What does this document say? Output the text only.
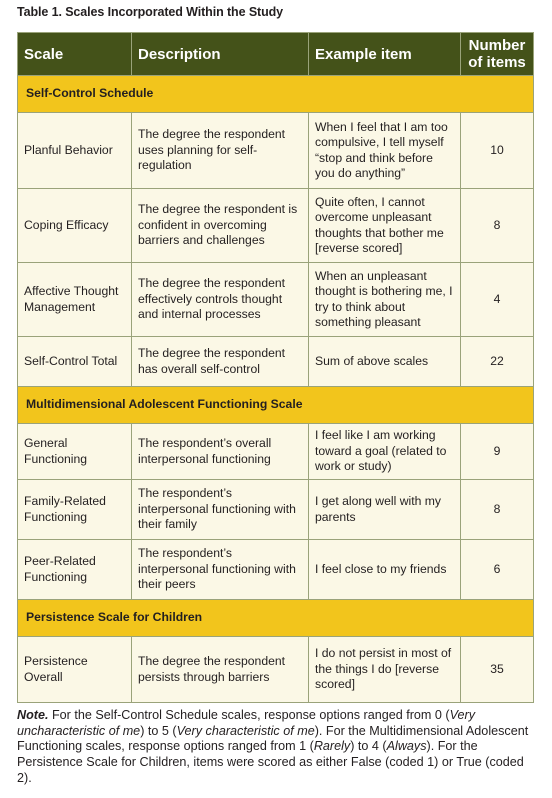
Table 1. Scales Incorporated Within the Study
Scale	Description	Example item	Number
of items
Self-Control Schedule			
Planful Behavior	The degree the respondent uses planning for self-regulation	When I feel that I am too compulsive, I tell myself “stop and think before you do anything”	10
Coping Efficacy	The degree the respondent is confident in overcoming barriers and challenges	Quite often, I cannot overcome unpleasant thoughts that bother me [reverse scored]	8
Affective Thought Management	The degree the respondent effectively controls thought and internal processes	When an unpleasant thought is bothering me, I try to think about something pleasant	4
Self-Control Total	The degree the respondent has overall self-control	Sum of above scales	22
Multidimensional Adolescent Functioning Scale			
General Functioning	The respondent’s overall interpersonal functioning	I feel like I am working toward a goal (related to work or study)	9
Family-Related Functioning	The respondent’s interpersonal functioning with their family	I get along well with my parents	8
Peer-Related Functioning	The respondent’s interpersonal functioning with their peers	I feel close to my friends	6
Persistence Scale for Children			
Persistence Overall	The degree the respondent persists through barriers	I do not persist in most of the things I do [reverse scored]	35
Note. For the Self-Control Schedule scales, response options ranged from 0 (Very uncharacteristic of me) to 5 (Very characteristic of me). For the Multidimensional Adolescent Functioning scales, response options ranged from 1 (Rarely) to 4 (Always). For the Persistence Scale for Children, items were scored as either False (coded 1) or True (coded 2).
